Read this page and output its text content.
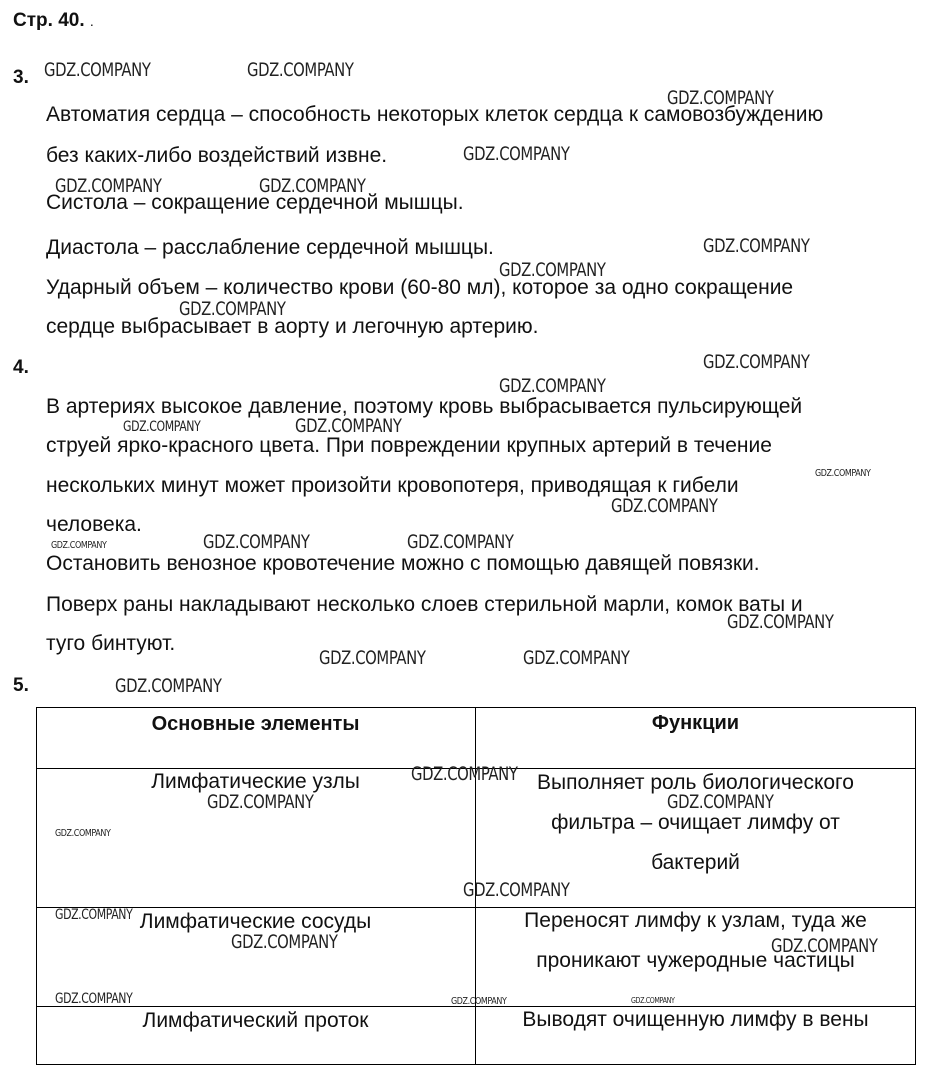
Стр. 40. .
3.
Автоматия сердца – способность некоторых клеток сердца к самовозбуждению
без каких-либо воздействий извне.
Систола – сокращение сердечной мышцы.
Диастола – расслабление сердечной мышцы.
Ударный объем – количество крови (60-80 мл), которое за одно сокращение
сердце выбрасывает в аорту и легочную артерию.
4.
В артериях высокое давление, поэтому кровь выбрасывается пульсирующей
струей ярко-красного цвета. При повреждении крупных артерий в течение
нескольких минут может произойти кровопотеря, приводящая к гибели
человека.
Остановить венозное кровотечение можно с помощью давящей повязки.
Поверх раны накладывают несколько слоев стерильной марли, комок ваты и
туго бинтуют.
5.
Основные элементы	Функции
Лимфатические узлы	Выполняет роль биологического
фильтра – очищает лимфу от
бактерий
Лимфатические сосуды	Переносят лимфу к узлам, туда же
проникают чужеродные частицы
Лимфатический проток	Выводят очищенную лимфу в вены
GDZ.COMPANY	GDZ.COMPANY
GDZ.COMPANY
GDZ.COMPANY
GDZ.COMPANY	GDZ.COMPANY
GDZ.COMPANY
GDZ.COMPANY
GDZ.COMPANY
GDZ.COMPANY
GDZ.COMPANY
GDZ.COMPANY	GDZ.COMPANY
GDZ.COMPANY
GDZ.COMPANY
GDZ.COMPANY	GDZ.COMPANY	GDZ.COMPANY
GDZ.COMPANY
GDZ.COMPANY	GDZ.COMPANY
GDZ.COMPANY
GDZ.COMPANY
GDZ.COMPANY	GDZ.COMPANY
GDZ.COMPANY
GDZ.COMPANY
GDZ.COMPANY
GDZ.COMPANY	GDZ.COMPANY
GDZ.COMPANY	GDZ.COMPANY	GDZ.COMPANY
